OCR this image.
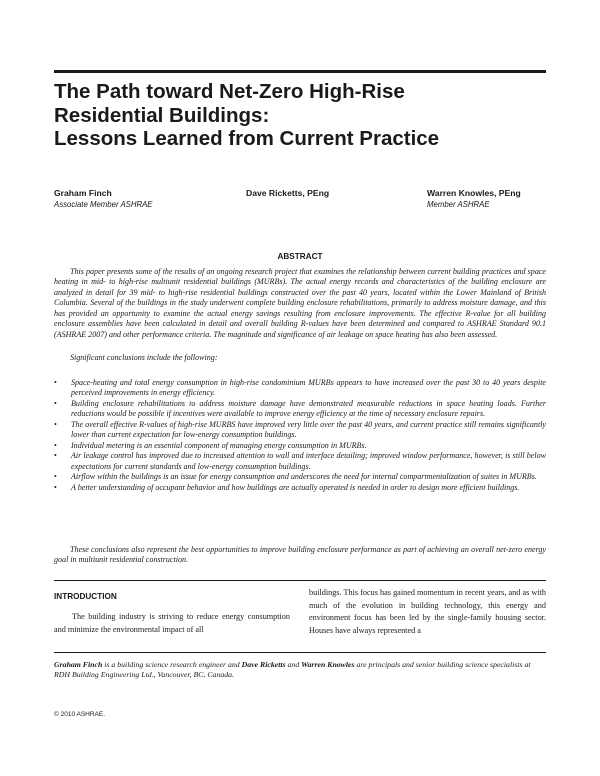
The Path toward Net-Zero High-Rise
Residential Buildings:
Lessons Learned from Current Practice
Graham Finch
Associate Member ASHRAE
Dave Ricketts, PEng	Warren Knowles, PEng
Member ASHRAE
ABSTRACT
This paper presents some of the results of an ongoing research project that examines the relationship between current building practices and space heating in mid- to high-rise multiunit residential buildings (MURBs). The actual energy records and characteristics of the building enclosure are analyzed in detail for 39 mid- to high-rise residential buildings constructed over the past 40 years, located within the Lower Mainland of British Columbia. Several of the buildings in the study underwent complete building enclosure rehabilitations, primarily to address moisture damage, and this has provided an opportunity to examine the actual energy savings resulting from enclosure improvements. The effective R-value for all building enclosure assemblies have been calculated in detail and overall building R-values have been determined and compared to ASHRAE Standard 90.1 (ASHRAE 2007) and other performance criteria. The magnitude and significance of air leakage on space heating has also been assessed.
Significant conclusions include the following:
• Space-heating and total energy consumption in high-rise condominium MURBs appears to have increased over the past 30 to 40 years despite perceived improvements in energy efficiency.
• Building enclosure rehabilitations to address moisture damage have demonstrated measurable reductions in space heating loads. Further reductions would be possible if incentives were available to improve energy efficiency at the time of necessary enclosure repairs.
• The overall effective R-values of high-rise MURBS have improved very little over the past 40 years, and current practice still remains significantly lower than current expectation for low-energy consumption buildings.
• Individual metering is an essential component of managing energy consumption in MURBs.
• Air leakage control has improved due to increased attention to wall and interface detailing; improved window performance, however, is still below expectations for current standards and low-energy consumption buildings.
• Airflow within the buildings is an issue for energy consumption and underscores the need for internal compartmentalization of suites in MURBs.
• A better understanding of occupant behavior and how buildings are actually operated is needed in order to design more efficient buildings.
These conclusions also represent the best opportunities to improve building enclosure performance as part of achieving an overall net-zero energy goal in multiunit residential construction.
INTRODUCTION
The building industry is striving to reduce energy consumption and minimize the environmental impact of all
buildings. This focus has gained momentum in recent years, and as with much of the evolution in building technology, this energy and environment focus has been led by the single-family housing sector. Houses have always represented a
Graham Finch is a building science research engineer and Dave Ricketts and Warren Knowles are principals and senior building science specialists at RDH Building Engineering Ltd., Vancouver, BC, Canada.
© 2010 ASHRAE.
